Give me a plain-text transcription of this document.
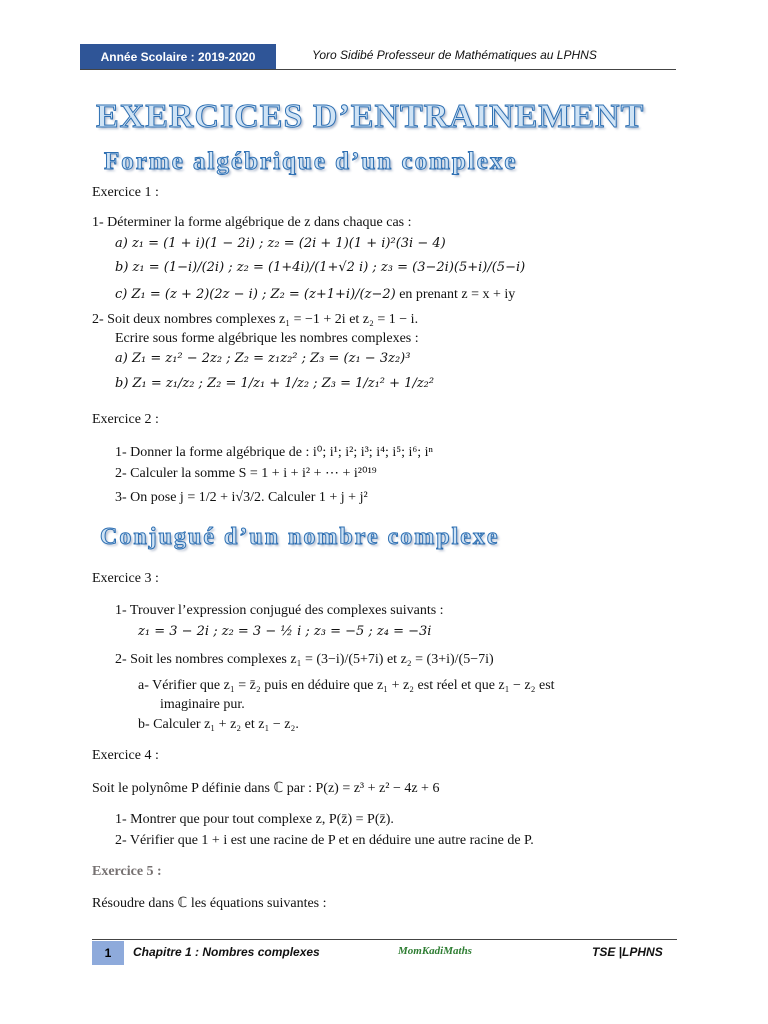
Année Scolaire : 2019-2020	Yoro Sidibé Professeur de Mathématiques au LPHNS
EXERCICES D’ENTRAINEMENT
Forme algébrique d’un complexe
Exercice 1 :
1- Déterminer la forme algébrique de z dans chaque cas :
a) z₁ = (1 + i)(1 − 2i) ; z₂ = (2i + 1)(1 + i)²(3i − 4)
b) z₁ = (1−i)/(2i) ; z₂ = (1+4i)/(1+√2 i) ; z₃ = (3−2i)(5+i)/(5−i)
c) Z₁ = (z + 2)(2z − i) ; Z₂ = (z+1+i)/(z−2) en prenant z = x + iy
2- Soit deux nombres complexes z₁ = −1 + 2i et z₂ = 1 − i.
Ecrire sous forme algébrique les nombres complexes :
a) Z₁ = z₁² − 2z₂ ; Z₂ = z₁z₂² ; Z₃ = (z₁ − 3z₂)³
b) Z₁ = z₁/z₂ ; Z₂ = 1/z₁ + 1/z₂ ; Z₃ = 1/z₁² + 1/z₂²
Exercice 2 :
1- Donner la forme algébrique de : i⁰; i¹; i²; i³; i⁴; i⁵; i⁶; iⁿ
2- Calculer la somme S = 1 + i + i² + ⋯ + i²⁰¹⁹
3- On pose j = 1/2 + i√3/2. Calculer 1 + j + j²
Conjugué d’un nombre complexe
Exercice 3 :
1- Trouver l’expression conjugué des complexes suivants :
z₁ = 3 − 2i ; z₂ = 3 − ½ i ; z₃ = −5 ; z₄ = −3i
2- Soit les nombres complexes z₁ = (3−i)/(5+7i) et z₂ = (3+i)/(5−7i)
a- Vérifier que z₁ = z̄₂ puis en déduire que z₁ + z₂ est réel et que z₁ − z₂ est
imaginaire pur.
b- Calculer z₁ + z₂ et z₁ − z₂.
Exercice 4 :
Soit le polynôme P définie dans ℂ par : P(z) = z³ + z² − 4z + 6
1- Montrer que pour tout complexe z, P(z̄) = P(z̄).
2- Vérifier que 1 + i est une racine de P et en déduire une autre racine de P.
Exercice 5 :
Résoudre dans ℂ les équations suivantes :
1	Chapitre 1 : Nombres complexes	MomKadiMaths	TSE |LPHNS
